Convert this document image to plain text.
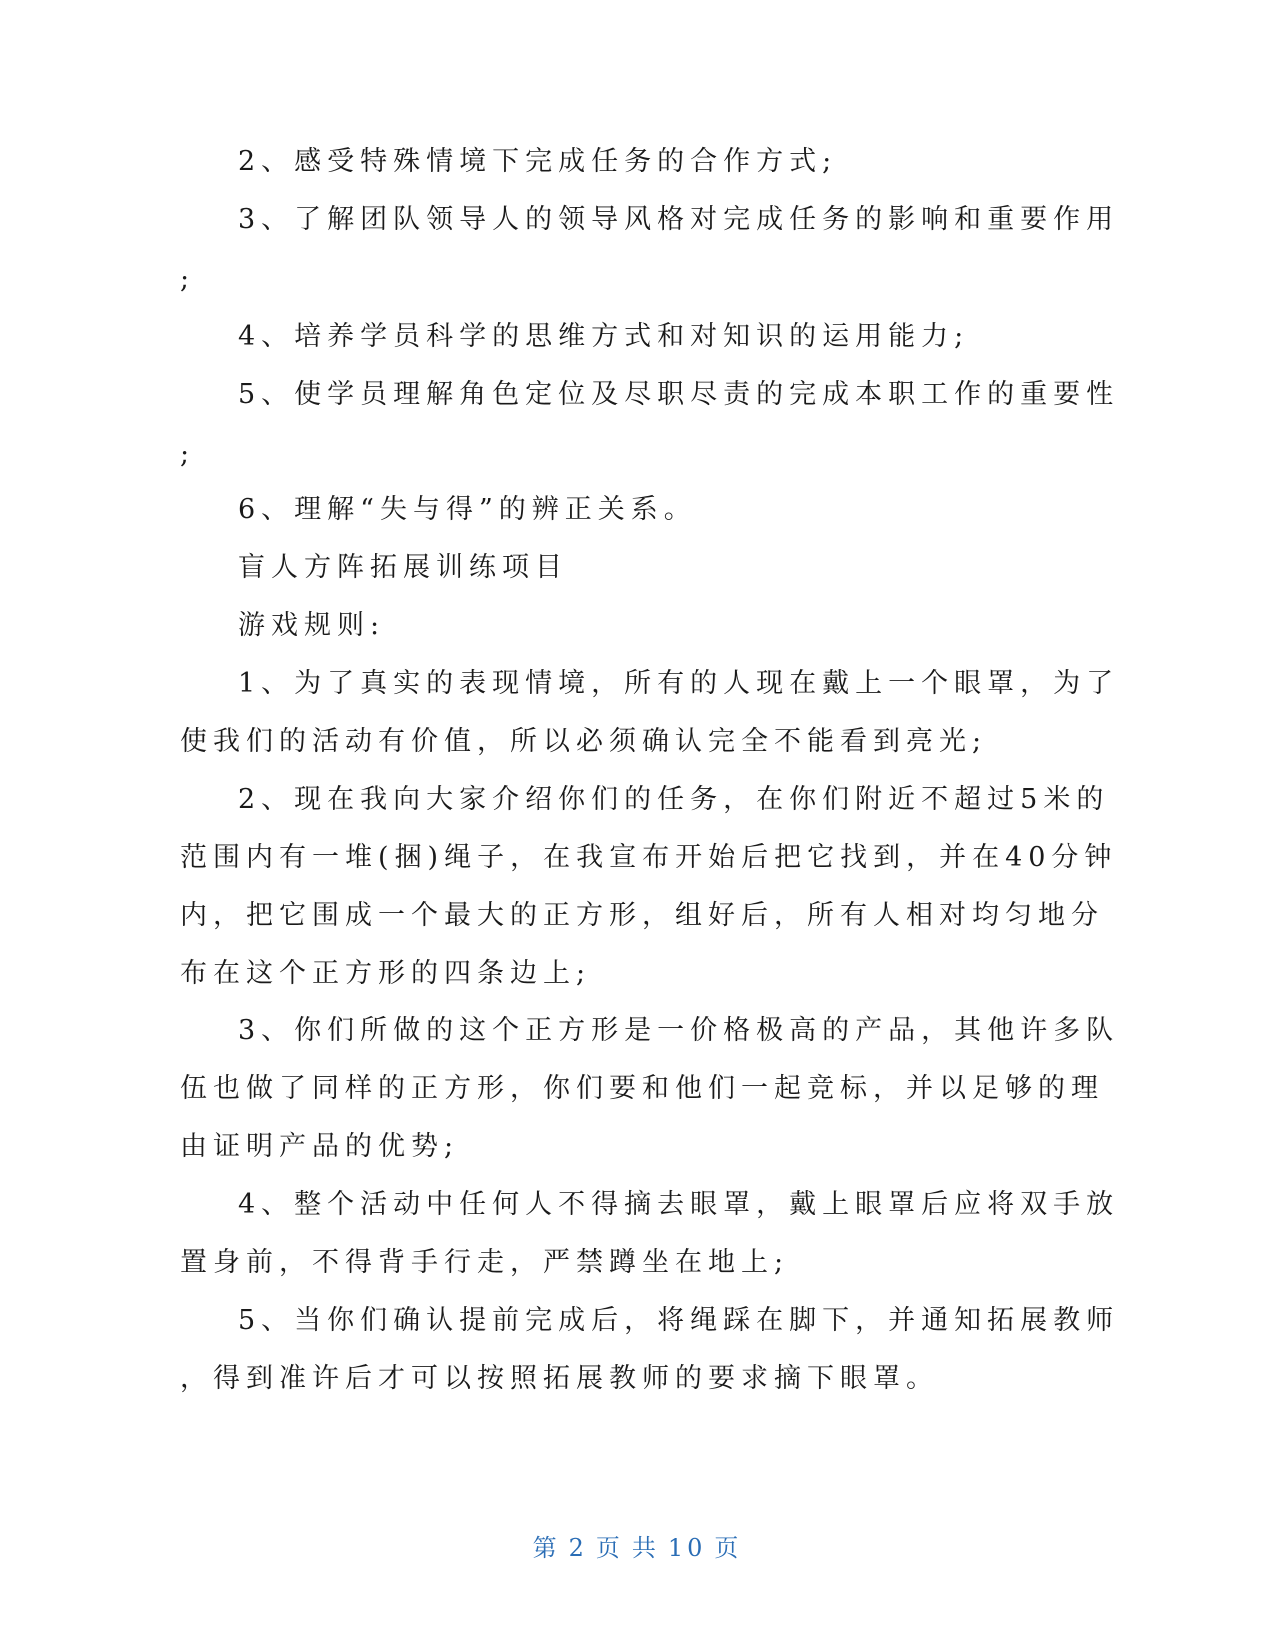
2、感受特殊情境下完成任务的合作方式;
3、了解团队领导人的领导风格对完成任务的影响和重要作用
;
4、培养学员科学的思维方式和对知识的运用能力;
5、使学员理解角色定位及尽职尽责的完成本职工作的重要性
;
6、理解“失与得”的辨正关系。
盲人方阵拓展训练项目
游戏规则:
1、为了真实的表现情境，所有的人现在戴上一个眼罩，为了
使我们的活动有价值，所以必须确认完全不能看到亮光;
2、现在我向大家介绍你们的任务，在你们附近不超过5米的
范围内有一堆(捆)绳子，在我宣布开始后把它找到，并在40分钟
内，把它围成一个最大的正方形，组好后，所有人相对均匀地分
布在这个正方形的四条边上;
3、你们所做的这个正方形是一价格极高的产品，其他许多队
伍也做了同样的正方形，你们要和他们一起竞标，并以足够的理
由证明产品的优势;
4、整个活动中任何人不得摘去眼罩，戴上眼罩后应将双手放
置身前，不得背手行走，严禁蹲坐在地上;
5、当你们确认提前完成后，将绳踩在脚下，并通知拓展教师
，得到准许后才可以按照拓展教师的要求摘下眼罩。
第 2 页 共 10 页
